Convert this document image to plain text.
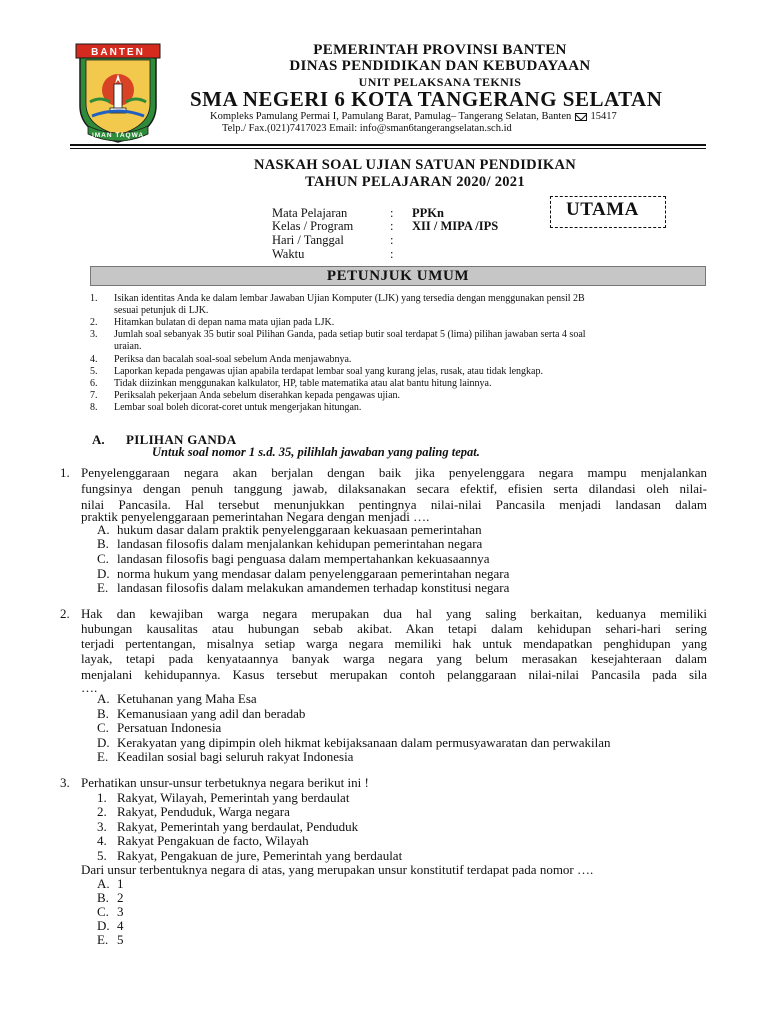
BANTEN
IMAN TAQWA
PEMERINTAH PROVINSI BANTEN
DINAS PENDIDIKAN DAN KEBUDAYAAN
UNIT PELAKSANA TEKNIS
SMA NEGERI 6 KOTA TANGERANG SELATAN
Kompleks Pamulang Permai I, Pamulang Barat, Pamulag– Tangerang Selatan, Banten 15417
Telp./ Fax.(021)7417023 Email: info@sman6tangerangselatan.sch.id
NASKAH SOAL UJIAN SATUAN PENDIDIKAN
TAHUN PELAJARAN 2020/ 2021
Mata Pelajaran	: PPKn
Kelas / Program	: XII / MIPA /IPS
Hari / Tanggal	:
Waktu	:
UTAMA
PETUNJUK UMUM
1. Isikan identitas Anda ke dalam lembar Jawaban Ujian Komputer (LJK) yang tersedia dengan menggunakan pensil 2B
sesuai petunjuk di LJK.
2. Hitamkan bulatan di depan nama mata ujian pada LJK.
3. Jumlah soal sebanyak 35 butir soal Pilihan Ganda, pada setiap butir soal terdapat 5 (lima) pilihan jawaban serta 4 soal
uraian.
4. Periksa dan bacalah soal-soal sebelum Anda menjawabnya.
5. Laporkan kepada pengawas ujian apabila terdapat lembar soal yang kurang jelas, rusak, atau tidak lengkap.
6. Tidak diizinkan menggunakan kalkulator, HP, table matematika atau alat bantu hitung lainnya.
7. Periksalah pekerjaan Anda sebelum diserahkan kepada pengawas ujian.
8. Lembar soal boleh dicorat-coret untuk mengerjakan hitungan.
A. PILIHAN GANDA
Untuk soal nomor 1 s.d. 35, pilihlah jawaban yang paling tepat.
1. Penyelenggaraan negara akan berjalan dengan baik jika penyelenggara negara mampu menjalankan
fungsinya dengan penuh tanggung jawab, dilaksanakan secara efektif, efisien serta dilandasi oleh nilai-
nilai Pancasila. Hal tersebut menunjukkan pentingnya nilai-nilai Pancasila menjadi landasan dalam
praktik penyelenggaraan pemerintahan Negara dengan menjadi ….
A. hukum dasar dalam praktik penyelenggaraan kekuasaan pemerintahan
B. landasan filosofis dalam menjalankan kehidupan pemerintahan negara
C. landasan filosofis bagi penguasa dalam mempertahankan kekuasaannya
D. norma hukum yang mendasar dalam penyelenggaraan pemerintahan negara
E. landasan filosofis dalam melakukan amandemen terhadap konstitusi negara
2. Hak dan kewajiban warga negara merupakan dua hal yang saling berkaitan, keduanya memiliki
hubungan kausalitas atau hubungan sebab akibat. Akan tetapi dalam kehidupan sehari-hari sering
terjadi pertentangan, misalnya setiap warga negara memiliki hak untuk mendapatkan penghidupan yang
layak, tetapi pada kenyataannya banyak warga negara yang belum merasakan kesejahteraan dalam
menjalani kehidupannya. Kasus tersebut merupakan contoh pelanggaraan nilai-nilai Pancasila pada sila
….
A. Ketuhanan yang Maha Esa
B. Kemanusiaan yang adil dan beradab
C. Persatuan Indonesia
D. Kerakyatan yang dipimpin oleh hikmat kebijaksanaan dalam permusyawaratan dan perwakilan
E. Keadilan sosial bagi seluruh rakyat Indonesia
3. Perhatikan unsur-unsur terbetuknya negara berikut ini !
1. Rakyat, Wilayah, Pemerintah yang berdaulat
2. Rakyat, Penduduk, Warga negara
3. Rakyat, Pemerintah yang berdaulat, Penduduk
4. Rakyat Pengakuan de facto, Wilayah
5. Rakyat, Pengakuan de jure, Pemerintah yang berdaulat
Dari unsur terbentuknya negara di atas, yang merupakan unsur konstitutif terdapat pada nomor ….
A. 1
B. 2
C. 3
D. 4
E. 5
